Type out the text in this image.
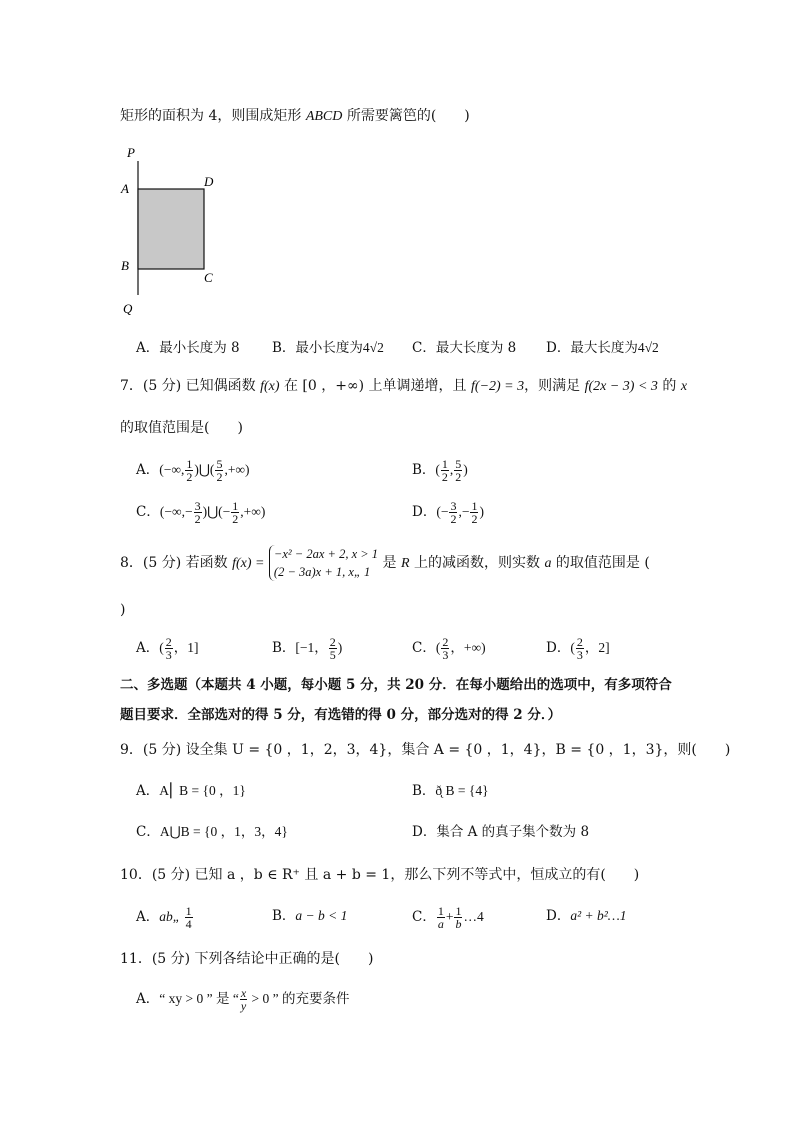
矩形的面积为 4，则围成矩形 ABCD 所需要篱笆的(　　)
P
A	D
B
C
Q
A．最小长度为 8 B．最小长度为4√2 C．最大长度为 8 D．最大长度为4√2
7．(5 分) 已知偶函数 f(x) 在 [0 ，+∞) 上单调递增，且 f(−2) = 3，则满足 f(2x − 3) < 3 的 x
的取值范围是(　　)
A．(−∞, $\frac{1}{2}$ )⋃( $\frac{5}{2}$ ,+∞)	B．( $\frac{1}{2}$ , $\frac{5}{2}$ )
C．(−∞,− $\frac{3}{2}$ )⋃(− $\frac{1}{2}$ ,+∞)	D．(− $\frac{3}{2}$ ,− $\frac{1}{2}$ )
8．(5 分) 若函数 f(x) =
−x² − 2ax + 2, x > 1
(2 − 3a)x + 1, x„ 1
是 R 上的减函数，则实数 a 的取值范围是 (
)
A．( $\frac{2}{3}$ ，1]	B．[−1， $\frac{2}{5}$ )	C．( $\frac{2}{3}$ ，+∞)	D．( $\frac{2}{3}$ ，2]
二、多选题（本题共 4 小题，每小题 5 分，共 20 分．在每小题给出的选项中，有多项符合
题目要求．全部选对的得 5 分，有选错的得 0 分，部分选对的得 2 分．）
9．(5 分) 设全集 U = {0 ，1，2，3，4}，集合 A = {0 ，1，4}，B = {0 ，1，3}，则(　　)
A．A⎢ B = {0 ，1}	B．ð̨ B = {4}
C．A⋃B = {0 ，1，3，4}	D．集合 A 的真子集个数为 8
10．(5 分) 已知 a ，b ∈ R⁺ 且 a + b = 1，那么下列不等式中，恒成立的有(　　)
A．ab„ $\frac{1}{4}$	B．a − b < 1	C． $\frac{1}{a} + \frac{1}{b}$ …4	D．a² + b²…1
11．(5 分) 下列各结论中正确的是(　　)
A．“ xy > 0 ” 是 “ $\frac{x}{y} > 0$ ” 的充要条件
